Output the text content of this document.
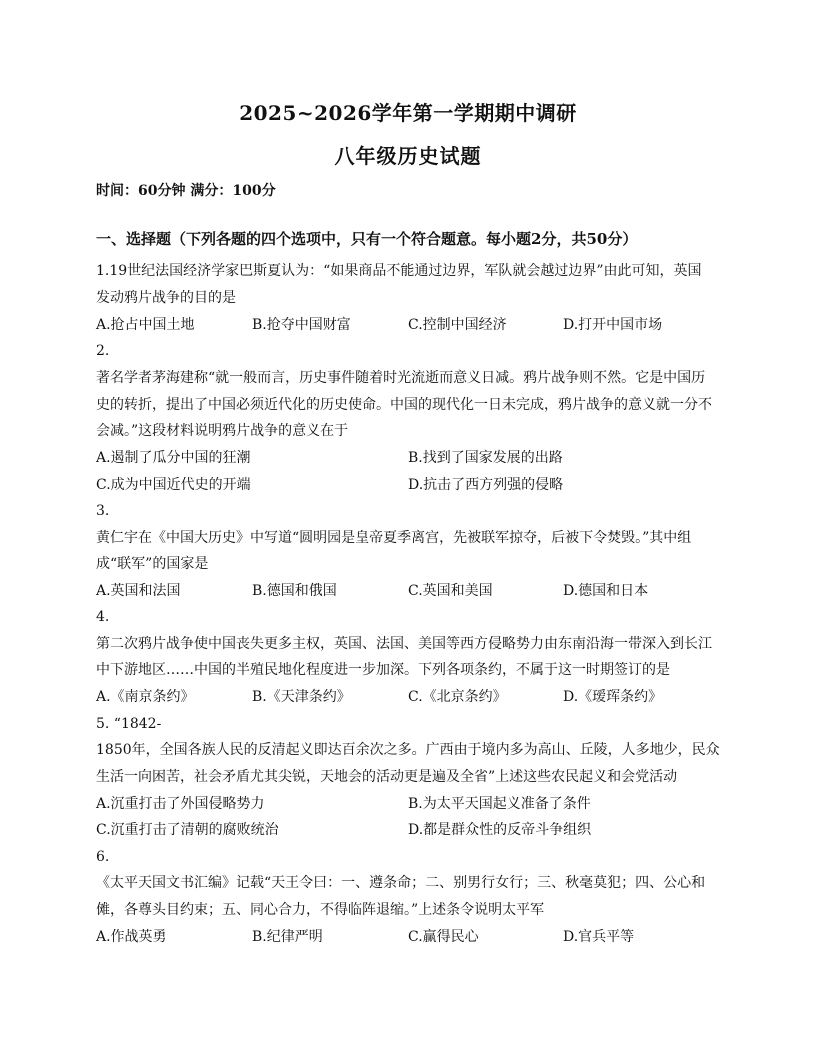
2025~2026学年第一学期期中调研
八年级历史试题
时间：60分钟 满分：100分
一、选择题（下列各题的四个选项中，只有一个符合题意。每小题2分，共50分）
1.19世纪法国经济学家巴斯夏认为：“如果商品不能通过边界，军队就会越过边界”由此可知，英国
发动鸦片战争的目的是
A.抢占中国土地	B.抢夺中国财富	C.控制中国经济	D.打开中国市场
2.
著名学者茅海建称“就一般而言，历史事件随着时光流逝而意义日减。鸦片战争则不然。它是中国历
史的转折，提出了中国必须近代化的历史使命。中国的现代化一日未完成，鸦片战争的意义就一分不
会减。”这段材料说明鸦片战争的意义在于
A.遏制了瓜分中国的狂潮	B.找到了国家发展的出路
C.成为中国近代史的开端	D.抗击了西方列强的侵略
3.
黄仁宇在《中国大历史》中写道“圆明园是皇帝夏季离宫，先被联军掠夺，后被下令焚毁。”其中组
成“联军”的国家是
A.英国和法国	B.德国和俄国	C.英国和美国	D.德国和日本
4.
第二次鸦片战争使中国丧失更多主权，英国、法国、美国等西方侵略势力由东南沿海一带深入到长江
中下游地区……中国的半殖民地化程度进一步加深。下列各项条约，不属于这一时期签订的是
A.《南京条约》	B.《天津条约》	C.《北京条约》	D.《瑷珲条约》
5. “1842-
1850年，全国各族人民的反清起义即达百余次之多。广西由于境内多为高山、丘陵，人多地少，民众
生活一向困苦，社会矛盾尤其尖锐，天地会的活动更是遍及全省”上述这些农民起义和会党活动
A.沉重打击了外国侵略势力	B.为太平天国起义准备了条件
C.沉重打击了清朝的腐败统治	D.都是群众性的反帝斗争组织
6.
《太平天国文书汇编》记载“天王令曰：一、遵条命；二、别男行女行；三、秋毫莫犯；四、公心和
傩，各尊头目约束；五、同心合力，不得临阵退缩。”上述条令说明太平军
A.作战英勇	B.纪律严明	C.赢得民心	D.官兵平等
